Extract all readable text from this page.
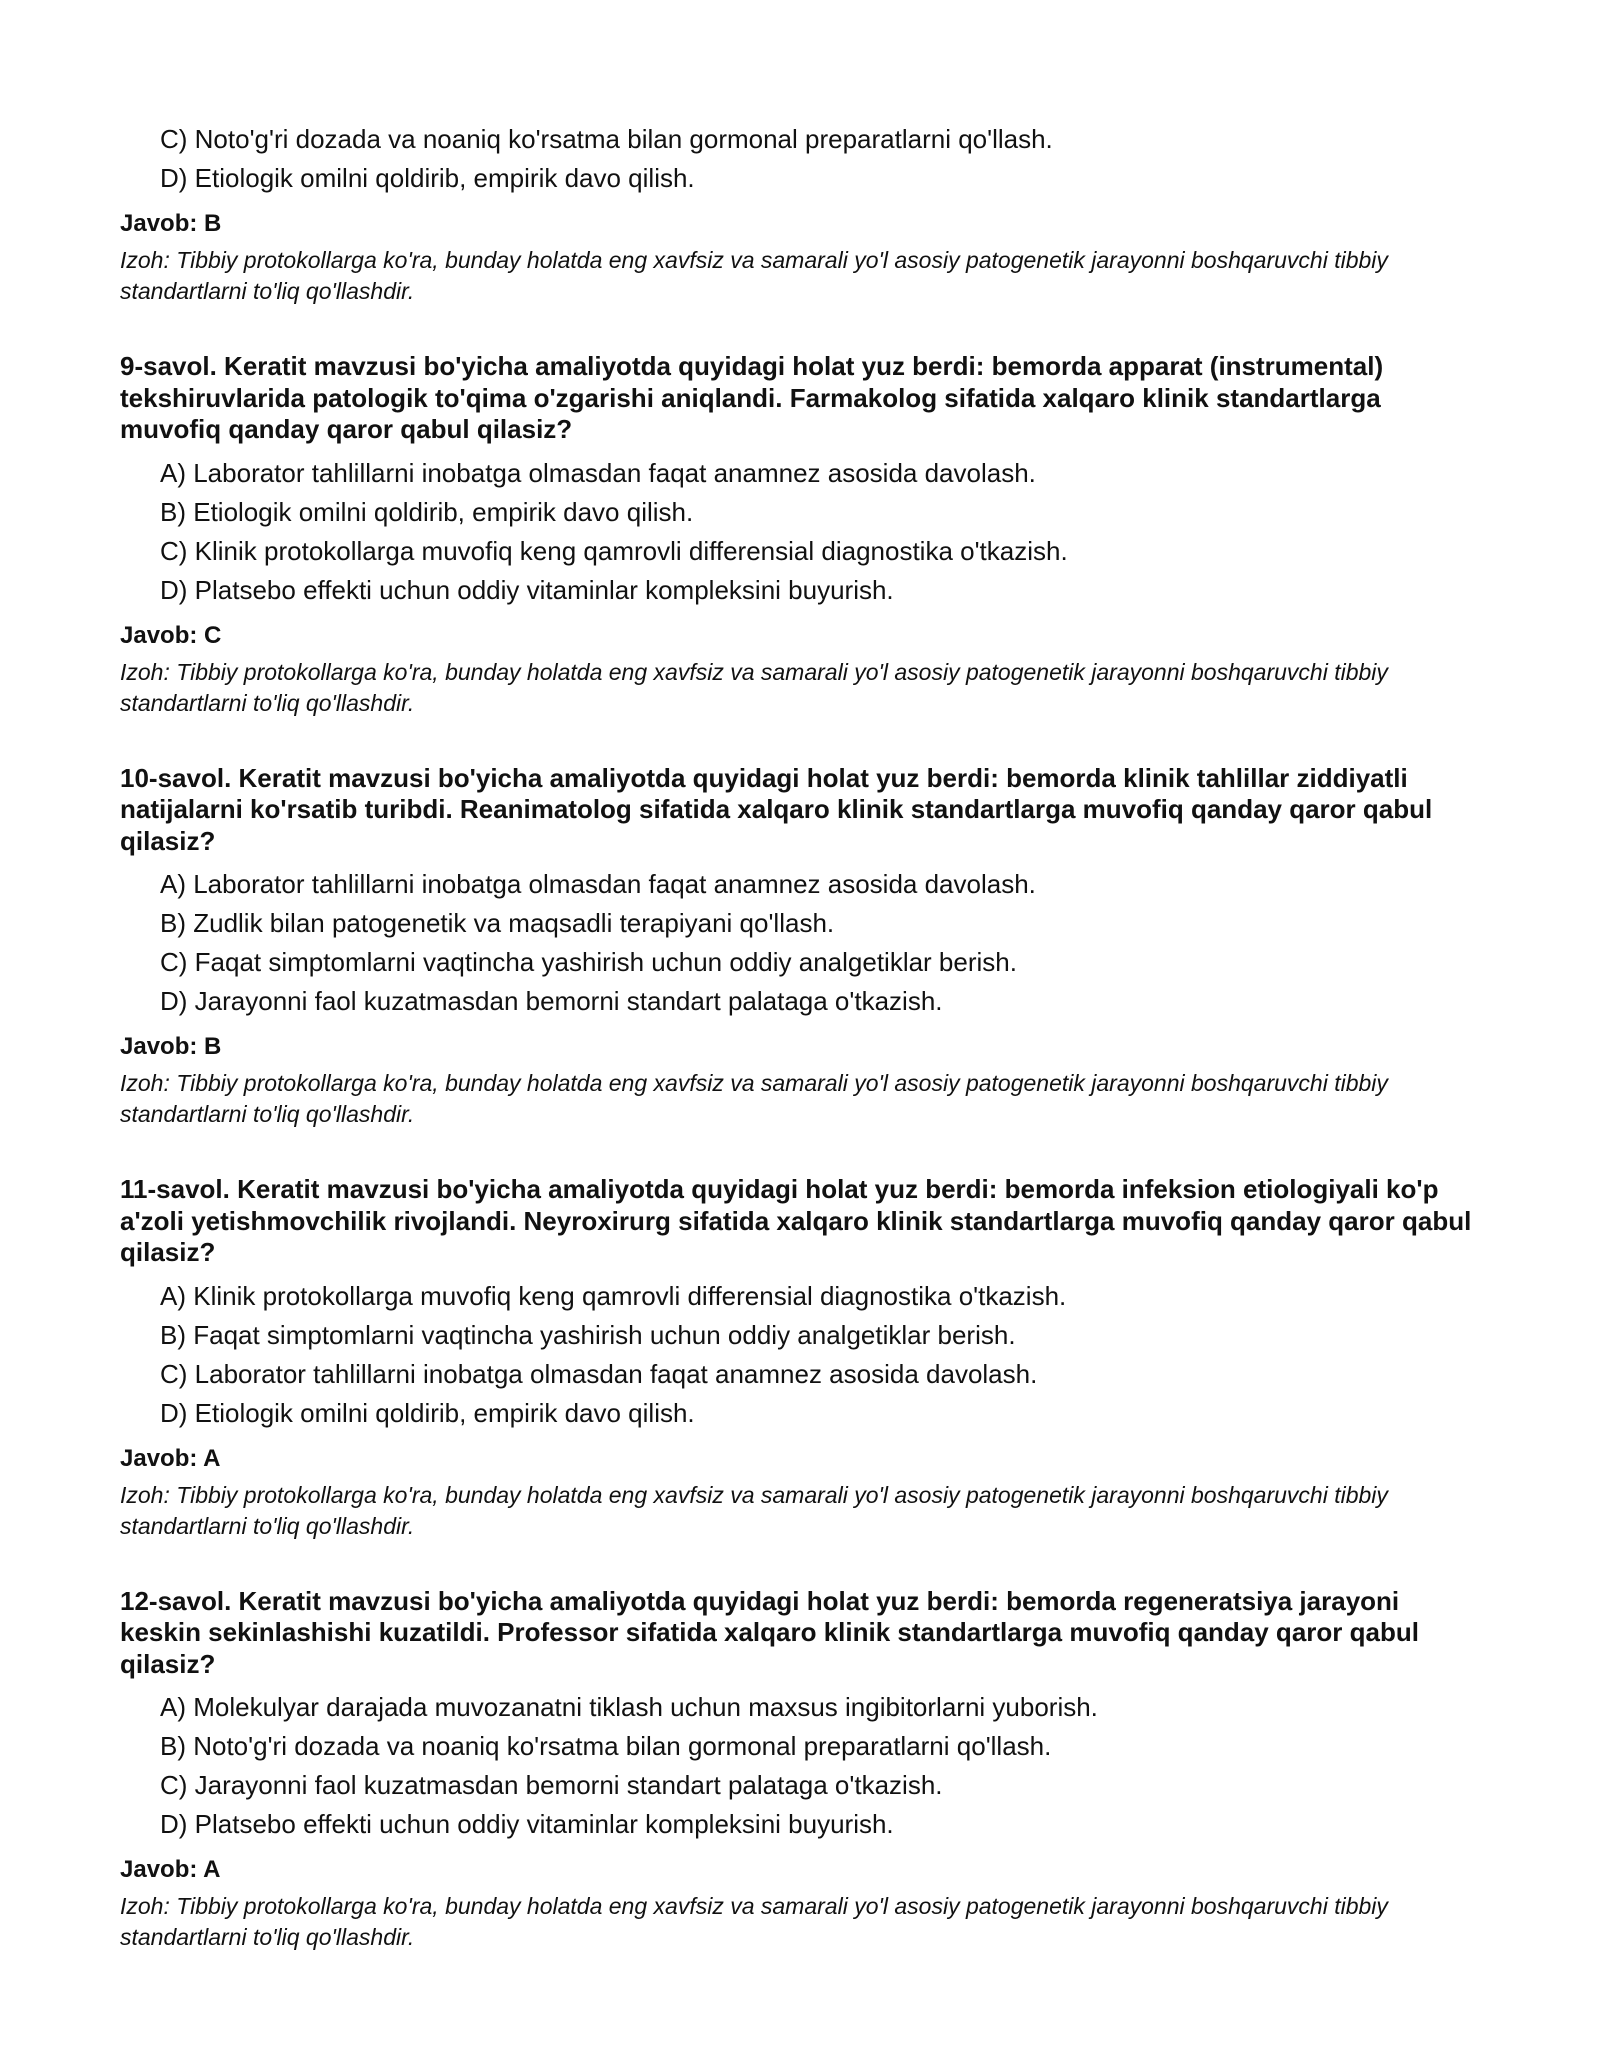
C) Noto'g'ri dozada va noaniq ko'rsatma bilan gormonal preparatlarni qo'llash.

D) Etiologik omilni qoldirib, empirik davo qilish.

Javob: B

Izoh: Tibbiy protokollarga ko'ra, bunday holatda eng xavfsiz va samarali yo'l asosiy patogenetik jarayonni boshqaruvchi tibbiy standartlarni to'liq qo'llashdir.

9-savol. Keratit mavzusi bo'yicha amaliyotda quyidagi holat yuz berdi: bemorda apparat (instrumental) tekshiruvlarida patologik to'qima o'zgarishi aniqlandi. Farmakolog sifatida xalqaro klinik standartlarga muvofiq qanday qaror qabul qilasiz?

A) Laborator tahlillarni inobatga olmasdan faqat anamnez asosida davolash.

B) Etiologik omilni qoldirib, empirik davo qilish.

C) Klinik protokollarga muvofiq keng qamrovli differensial diagnostika o'tkazish.

D) Platsebo effekti uchun oddiy vitaminlar kompleksini buyurish.

Javob: C

Izoh: Tibbiy protokollarga ko'ra, bunday holatda eng xavfsiz va samarali yo'l asosiy patogenetik jarayonni boshqaruvchi tibbiy standartlarni to'liq qo'llashdir.

10-savol. Keratit mavzusi bo'yicha amaliyotda quyidagi holat yuz berdi: bemorda klinik tahlillar ziddiyatli natijalarni ko'rsatib turibdi. Reanimatolog sifatida xalqaro klinik standartlarga muvofiq qanday qaror qabul qilasiz?

A) Laborator tahlillarni inobatga olmasdan faqat anamnez asosida davolash.

B) Zudlik bilan patogenetik va maqsadli terapiyani qo'llash.

C) Faqat simptomlarni vaqtincha yashirish uchun oddiy analgetiklar berish.

D) Jarayonni faol kuzatmasdan bemorni standart palataga o'tkazish.

Javob: B

Izoh: Tibbiy protokollarga ko'ra, bunday holatda eng xavfsiz va samarali yo'l asosiy patogenetik jarayonni boshqaruvchi tibbiy standartlarni to'liq qo'llashdir.

11-savol. Keratit mavzusi bo'yicha amaliyotda quyidagi holat yuz berdi: bemorda infeksion etiologiyali ko'p a'zoli yetishmovchilik rivojlandi. Neyroxirurg sifatida xalqaro klinik standartlarga muvofiq qanday qaror qabul qilasiz?

A) Klinik protokollarga muvofiq keng qamrovli differensial diagnostika o'tkazish.

B) Faqat simptomlarni vaqtincha yashirish uchun oddiy analgetiklar berish.

C) Laborator tahlillarni inobatga olmasdan faqat anamnez asosida davolash.

D) Etiologik omilni qoldirib, empirik davo qilish.

Javob: A

Izoh: Tibbiy protokollarga ko'ra, bunday holatda eng xavfsiz va samarali yo'l asosiy patogenetik jarayonni boshqaruvchi tibbiy standartlarni to'liq qo'llashdir.

12-savol. Keratit mavzusi bo'yicha amaliyotda quyidagi holat yuz berdi: bemorda regeneratsiya jarayoni keskin sekinlashishi kuzatildi. Professor sifatida xalqaro klinik standartlarga muvofiq qanday qaror qabul qilasiz?

A) Molekulyar darajada muvozanatni tiklash uchun maxsus ingibitorlarni yuborish.

B) Noto'g'ri dozada va noaniq ko'rsatma bilan gormonal preparatlarni qo'llash.

C) Jarayonni faol kuzatmasdan bemorni standart palataga o'tkazish.

D) Platsebo effekti uchun oddiy vitaminlar kompleksini buyurish.

Javob: A

Izoh: Tibbiy protokollarga ko'ra, bunday holatda eng xavfsiz va samarali yo'l asosiy patogenetik jarayonni boshqaruvchi tibbiy standartlarni to'liq qo'llashdir.
